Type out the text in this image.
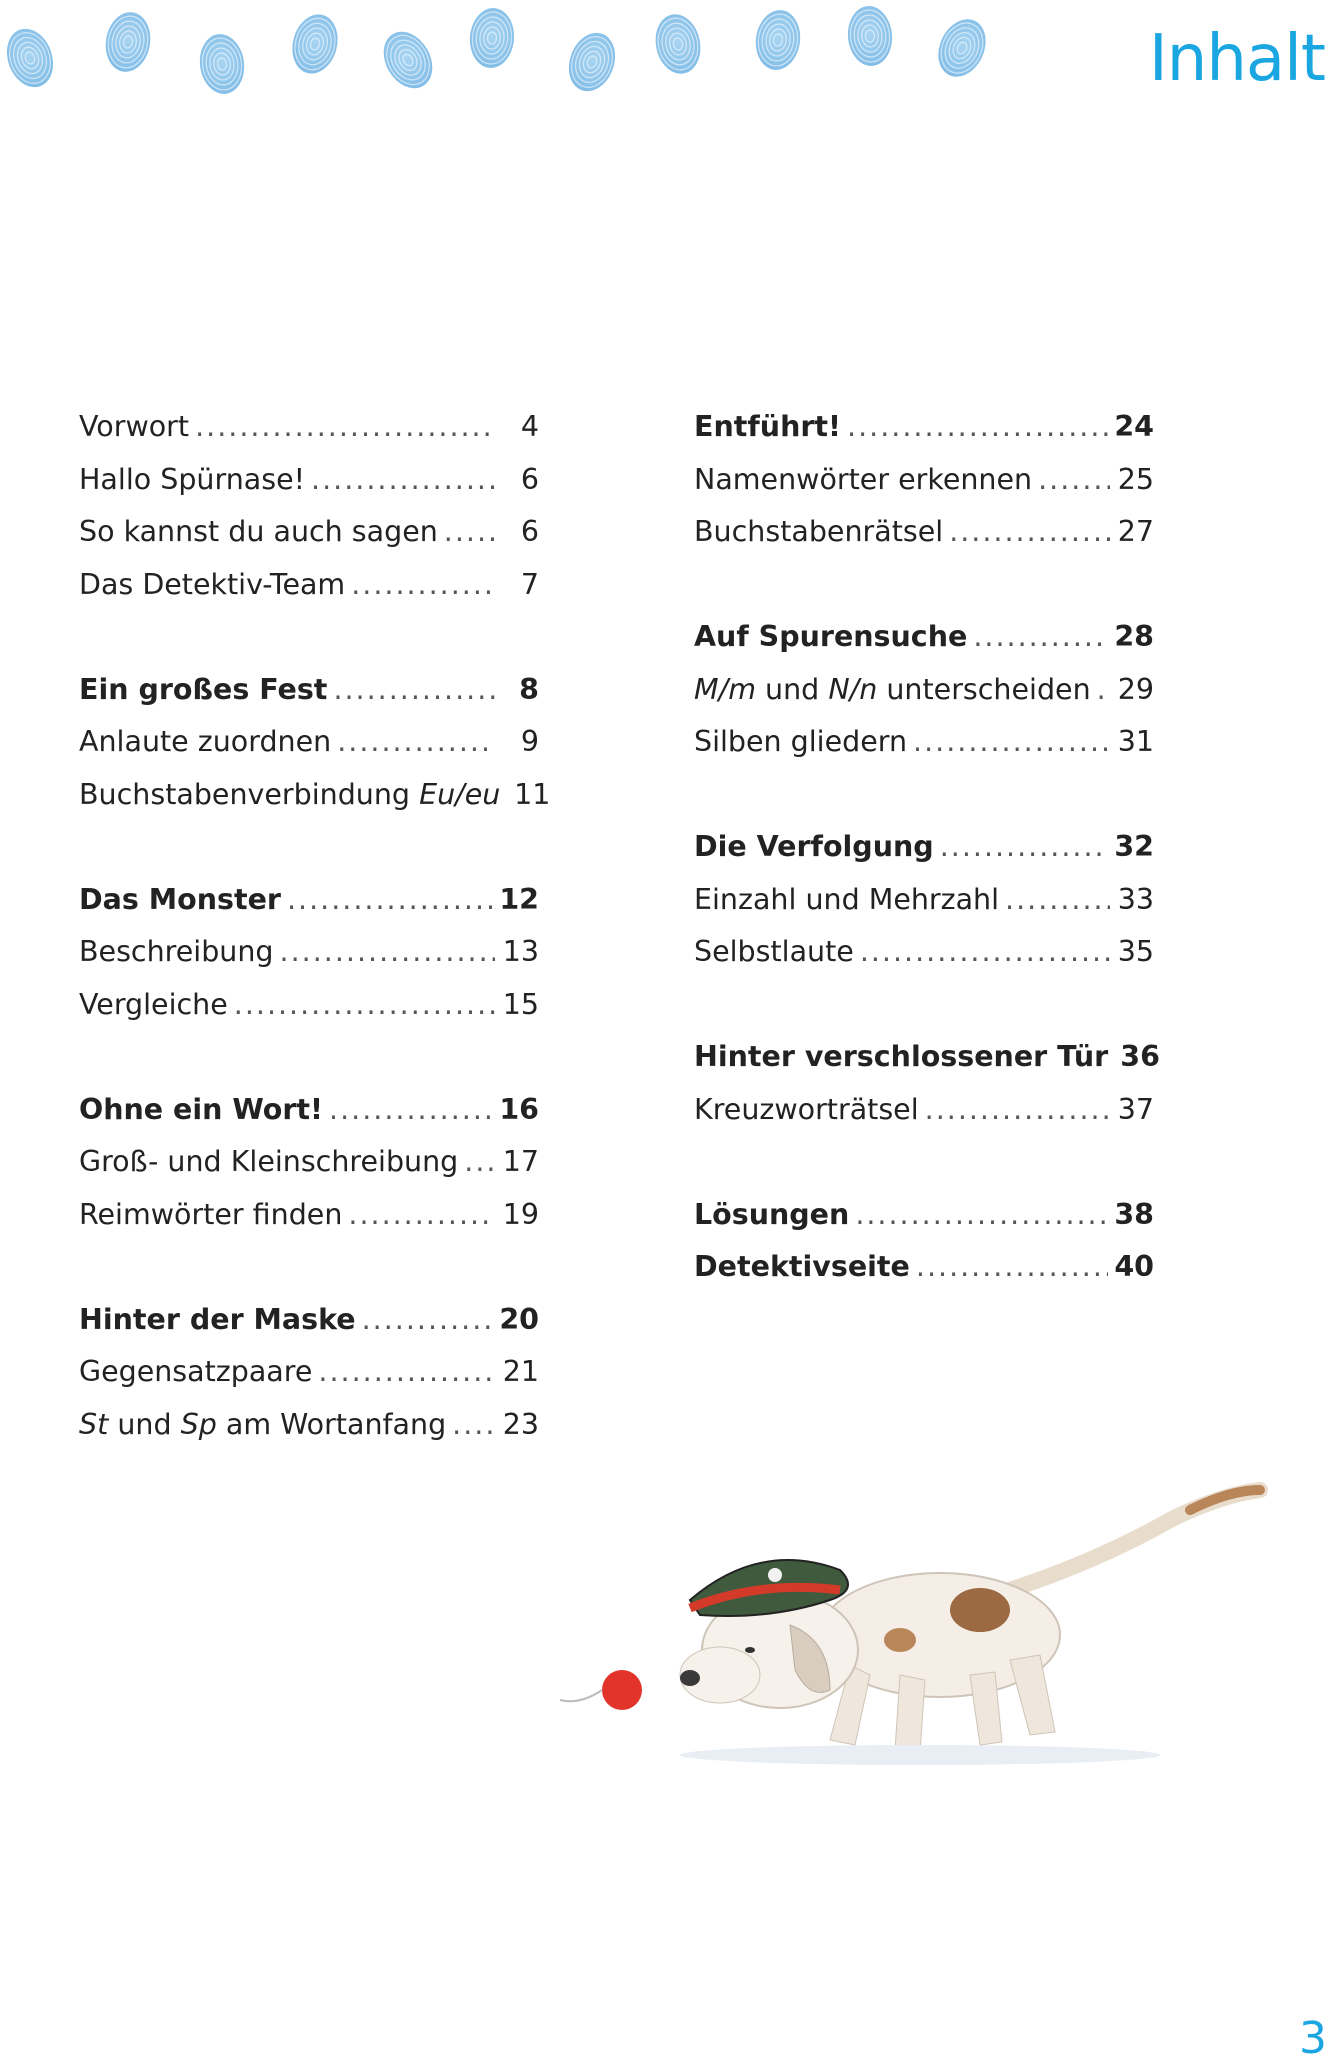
Inhalt
Vorwort .....	4
Hallo Spürnase! .....	6
So kannst du auch sagen .....	6
Das Detektiv-Team .....	7
Ein großes Fest .....	8
Anlaute zuordnen .....	9
Buchstabenverbindung Eu/eu 11
Das Monster .....	12
Beschreibung .....	13
Vergleiche .....	15
Ohne ein Wort! .....	16
Groß- und Kleinschreibung ..... 17
Reimwörter finden .....	19
Hinter der Maske .....	20
Gegensatzpaare .....	21
St und Sp am Wortanfang ..... 23
Entführt! .....	24
Namenwörter erkennen .....	25
Buchstabenrätsel .....	27
Auf Spurensuche .....	28
M/m und N/n unterscheiden ..... 29
Silben gliedern .....	31
Die Verfolgung .....	32
Einzahl und Mehrzahl .....	33
Selbstlaute .....	35
Hinter verschlossener Tür 36
Kreuzworträtsel .....	37
Lösungen .....	38
Detektivseite .....	40

3
